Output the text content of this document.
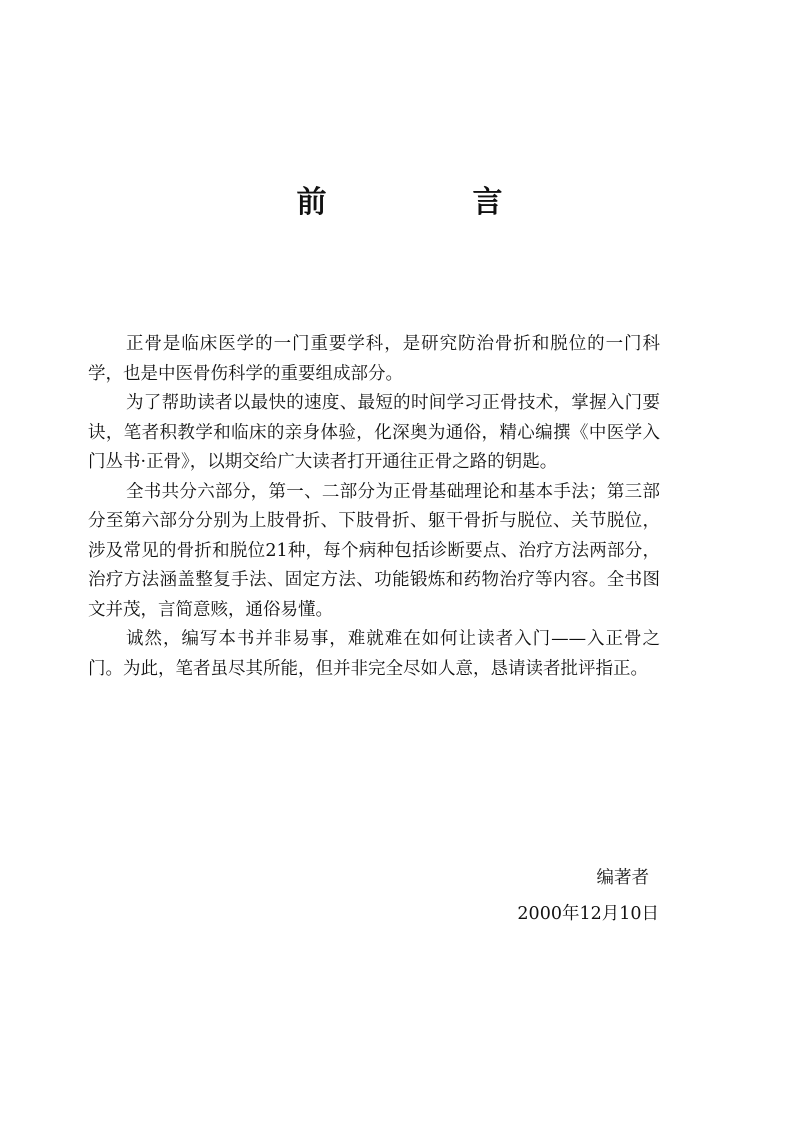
前　言

正骨是临床医学的一门重要学科，是研究防治骨折和脱位的一门科学，也是中医骨伤科学的重要组成部分。

为了帮助读者以最快的速度、最短的时间学习正骨技术，掌握入门要诀，笔者积教学和临床的亲身体验，化深奥为通俗，精心编撰《中医学入门丛书·正骨》，以期交给广大读者打开通往正骨之路的钥匙。

全书共分六部分，第一、二部分为正骨基础理论和基本手法；第三部分至第六部分分别为上肢骨折、下肢骨折、躯干骨折与脱位、关节脱位，涉及常见的骨折和脱位21种，每个病种包括诊断要点、治疗方法两部分，治疗方法涵盖整复手法、固定方法、功能锻炼和药物治疗等内容。全书图文并茂，言简意赅，通俗易懂。

诚然，编写本书并非易事，难就难在如何让读者入门——入正骨之门。为此，笔者虽尽其所能，但并非完全尽如人意，恳请读者批评指正。

编著者
2000年12月10日
